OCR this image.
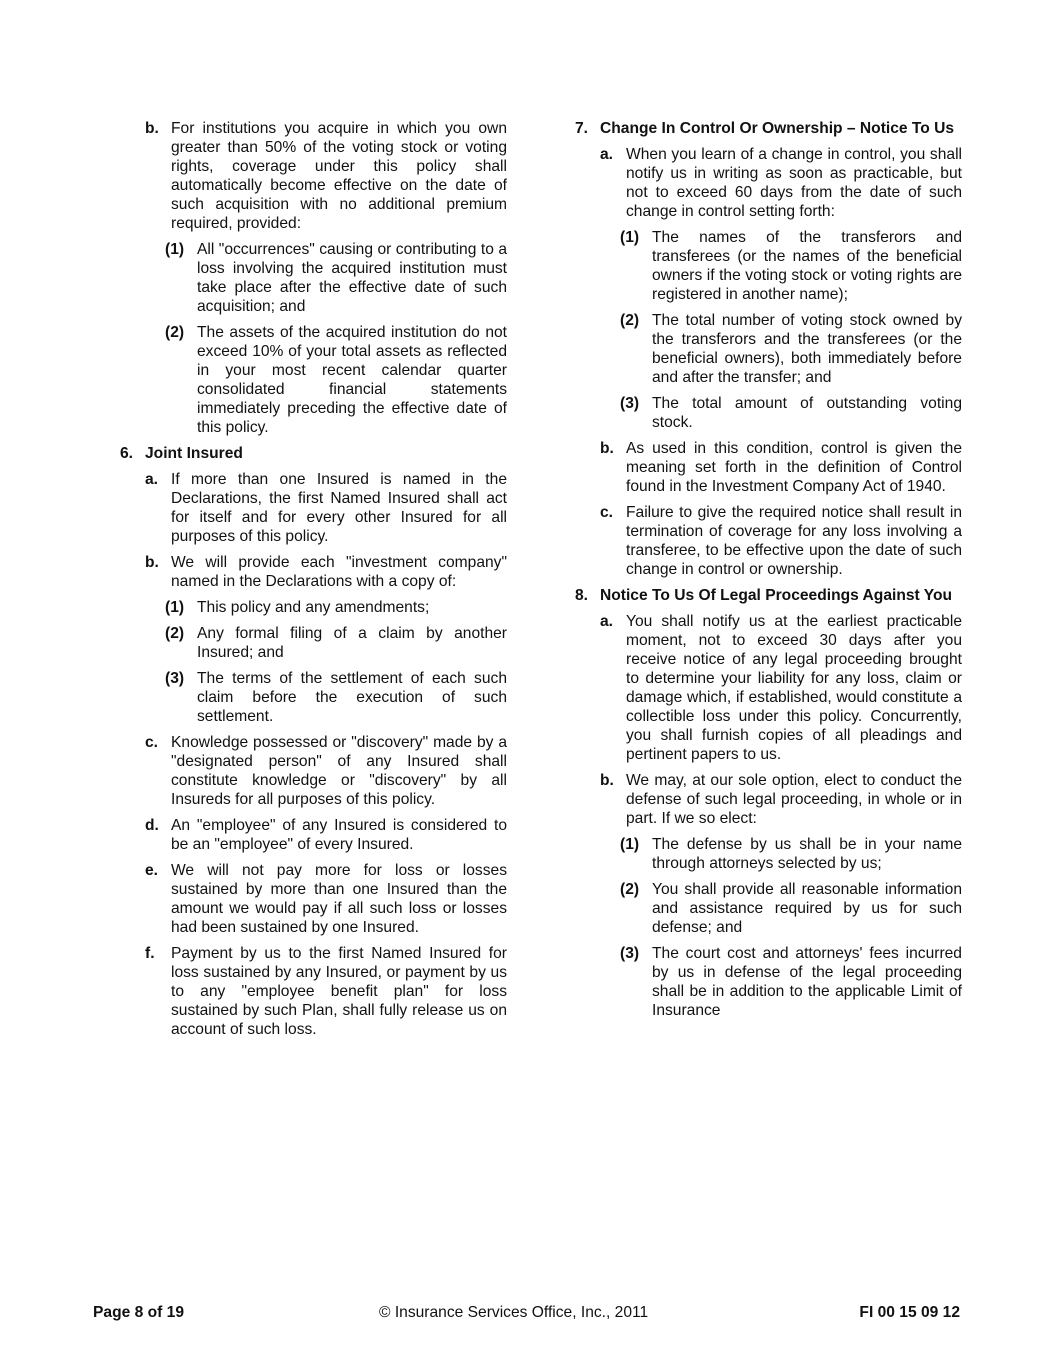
b. For institutions you acquire in which you own greater than 50% of the voting stock or voting rights, coverage under this policy shall automatically become effective on the date of such acquisition with no additional premium required, provided:
(1) All "occurrences" causing or contributing to a loss involving the acquired institution must take place after the effective date of such acquisition; and
(2) The assets of the acquired institution do not exceed 10% of your total assets as reflected in your most recent calendar quarter consolidated financial statements immediately preceding the effective date of this policy.
6. Joint Insured
a. If more than one Insured is named in the Declarations, the first Named Insured shall act for itself and for every other Insured for all purposes of this policy.
b. We will provide each "investment company" named in the Declarations with a copy of:
(1) This policy and any amendments;
(2) Any formal filing of a claim by another Insured; and
(3) The terms of the settlement of each such claim before the execution of such settlement.
c. Knowledge possessed or "discovery" made by a "designated person" of any Insured shall constitute knowledge or "discovery" by all Insureds for all purposes of this policy.
d. An "employee" of any Insured is considered to be an "employee" of every Insured.
e. We will not pay more for loss or losses sustained by more than one Insured than the amount we would pay if all such loss or losses had been sustained by one Insured.
f. Payment by us to the first Named Insured for loss sustained by any Insured, or payment by us to any "employee benefit plan" for loss sustained by such Plan, shall fully release us on account of such loss.
7. Change In Control Or Ownership – Notice To Us
a. When you learn of a change in control, you shall notify us in writing as soon as practicable, but not to exceed 60 days from the date of such change in control setting forth:
(1) The names of the transferors and transferees (or the names of the beneficial owners if the voting stock or voting rights are registered in another name);
(2) The total number of voting stock owned by the transferors and the transferees (or the beneficial owners), both immediately before and after the transfer; and
(3) The total amount of outstanding voting stock.
b. As used in this condition, control is given the meaning set forth in the definition of Control found in the Investment Company Act of 1940.
c. Failure to give the required notice shall result in termination of coverage for any loss involving a transferee, to be effective upon the date of such change in control or ownership.
8. Notice To Us Of Legal Proceedings Against You
a. You shall notify us at the earliest practicable moment, not to exceed 30 days after you receive notice of any legal proceeding brought to determine your liability for any loss, claim or damage which, if established, would constitute a collectible loss under this policy. Concurrently, you shall furnish copies of all pleadings and pertinent papers to us.
b. We may, at our sole option, elect to conduct the defense of such legal proceeding, in whole or in part. If we so elect:
(1) The defense by us shall be in your name through attorneys selected by us;
(2) You shall provide all reasonable information and assistance required by us for such defense; and
(3) The court cost and attorneys' fees incurred by us in defense of the legal proceeding shall be in addition to the applicable Limit of Insurance
Page 8 of 19	© Insurance Services Office, Inc., 2011	FI 00 15 09 12
